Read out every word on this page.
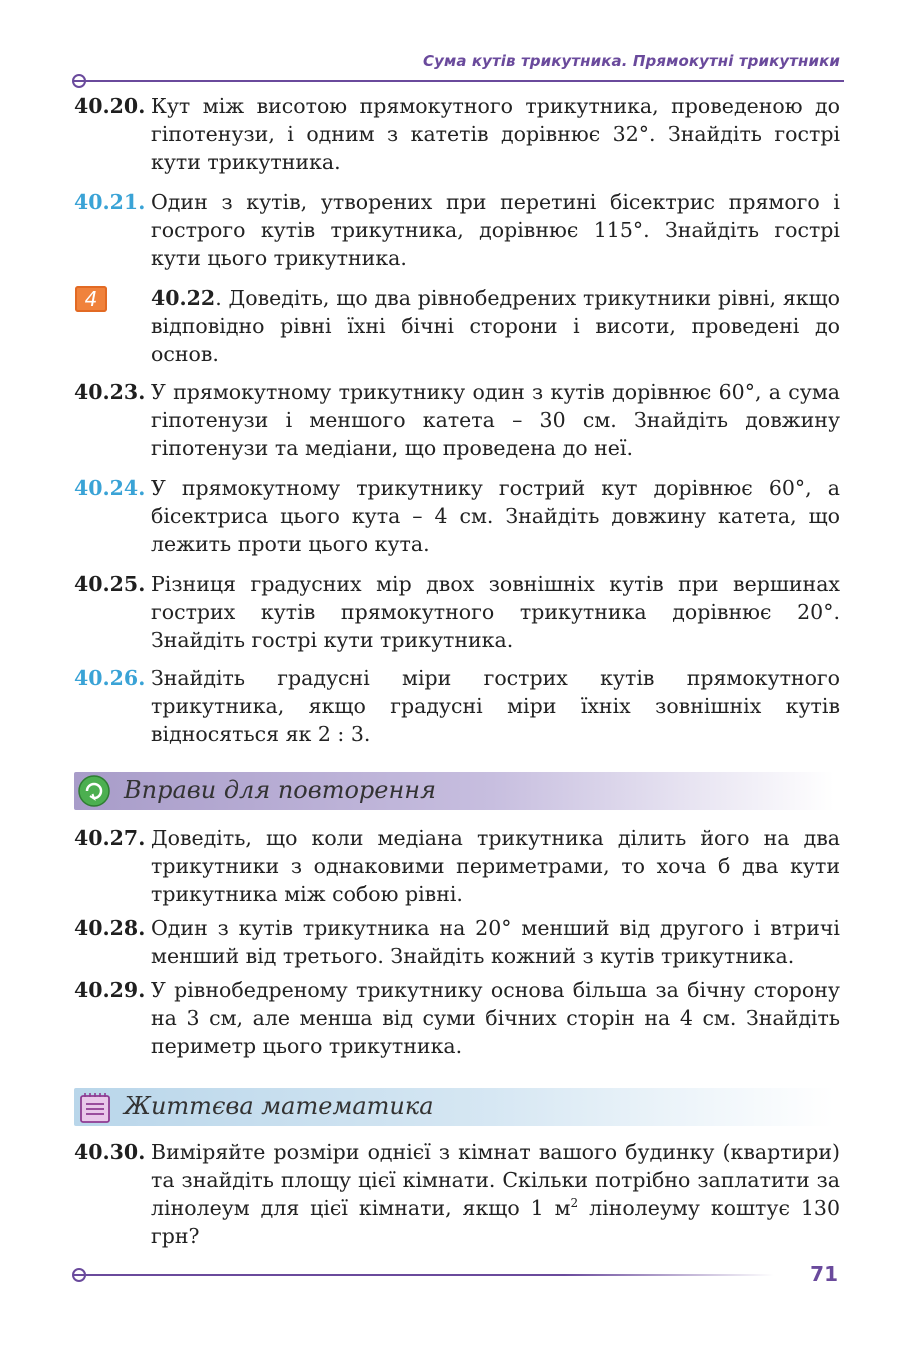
Сума кутів трикутника. Прямокутні трикутники
40.20. Кут між висотою прямокутного трикутника, проведеною до гіпотенузи, і одним з катетів дорівнює 32°. Знайдіть гострі кути трикутника.
40.21. Один з кутів, утворених при перетині бісектрис прямого і гострого кутів трикутника, дорівнює 115°. Знайдіть гострі кути цього трикутника.
4	40.22. Доведіть, що два рівнобедрених трикутники рівні, якщо відповідно рівні їхні бічні сторони і висоти, проведені до основ.
40.23. У прямокутному трикутнику один з кутів дорівнює 60°, а сума гіпотенузи і меншого катета – 30 см. Знайдіть довжину гіпотенузи та медіани, що проведена до неї.
40.24. У прямокутному трикутнику гострий кут дорівнює 60°, а бісектриса цього кута – 4 см. Знайдіть довжину катета, що лежить проти цього кута.
40.25. Різниця градусних мір двох зовнішніх кутів при вершинах гострих кутів прямокутного трикутника дорівнює 20°. Знайдіть гострі кути трикутника.
40.26. Знайдіть градусні міри гострих кутів прямокутного трикутника, якщо градусні міри їхніх зовнішніх кутів відносяться як 2 : 3.
Вправи для повторення
40.27. Доведіть, що коли медіана трикутника ділить його на два трикутники з однаковими периметрами, то хоча б два кути трикутника між собою рівні.
40.28. Один з кутів трикутника на 20° менший від другого і втричі менший від третього. Знайдіть кожний з кутів трикутника.
40.29. У рівнобедреному трикутнику основа більша за бічну сторону на 3 см, але менша від суми бічних сторін на 4 см. Знайдіть периметр цього трикутника.
Життєва математика
40.30. Виміряйте розміри однієї з кімнат вашого будинку (квартири) та знайдіть площу цієї кімнати. Скільки потрібно заплатити за лінолеум для цієї кімнати, якщо 1 $м^2$ лінолеуму коштує 130 грн?
71
